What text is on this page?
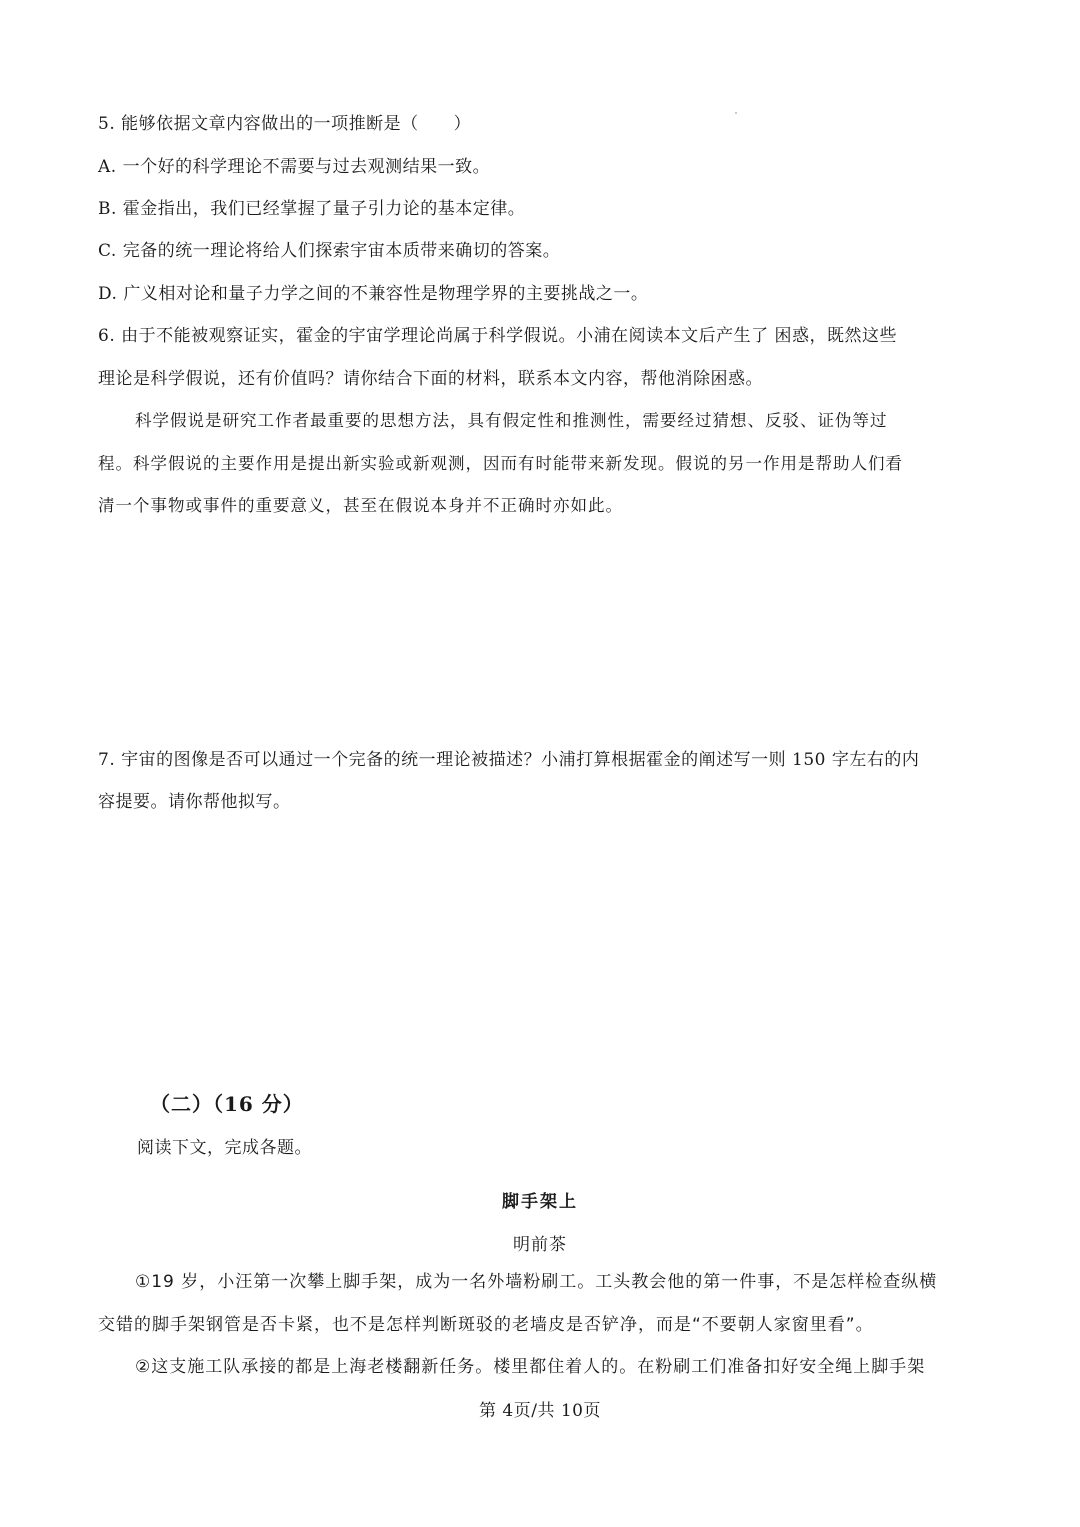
5. 能够依据文章内容做出的一项推断是（　　）
A. 一个好的科学理论不需要与过去观测结果一致。
B. 霍金指出，我们已经掌握了量子引力论的基本定律。
C. 完备的统一理论将给人们探索宇宙本质带来确切的答案。
D. 广义相对论和量子力学之间的不兼容性是物理学界的主要挑战之一。
6. 由于不能被观察证实，霍金的宇宙学理论尚属于科学假说。小浦在阅读本文后产生了 困惑，既然这些
理论是科学假说，还有价值吗？请你结合下面的材料，联系本文内容，帮他消除困惑。
科学假说是研究工作者最重要的思想方法，具有假定性和推测性，需要经过猜想、反驳、证伪等过
程。科学假说的主要作用是提出新实验或新观测，因而有时能带来新发现。假说的另一作用是帮助人们看
清一个事物或事件的重要意义，甚至在假说本身并不正确时亦如此。
7. 宇宙的图像是否可以通过一个完备的统一理论被描述？小浦打算根据霍金的阐述写一则 150 字左右的内
容提要。请你帮他拟写。
（二）（16 分）
阅读下文，完成各题。
脚手架上
明前茶
①19 岁，小汪第一次攀上脚手架，成为一名外墙粉刷工。工头教会他的第一件事，不是怎样检查纵横
交错的脚手架钢管是否卡紧，也不是怎样判断斑驳的老墙皮是否铲净，而是“不要朝人家窗里看”。
②这支施工队承接的都是上海老楼翻新任务。楼里都住着人的。在粉刷工们准备扣好安全绳上脚手架
第 4页/共 10页
